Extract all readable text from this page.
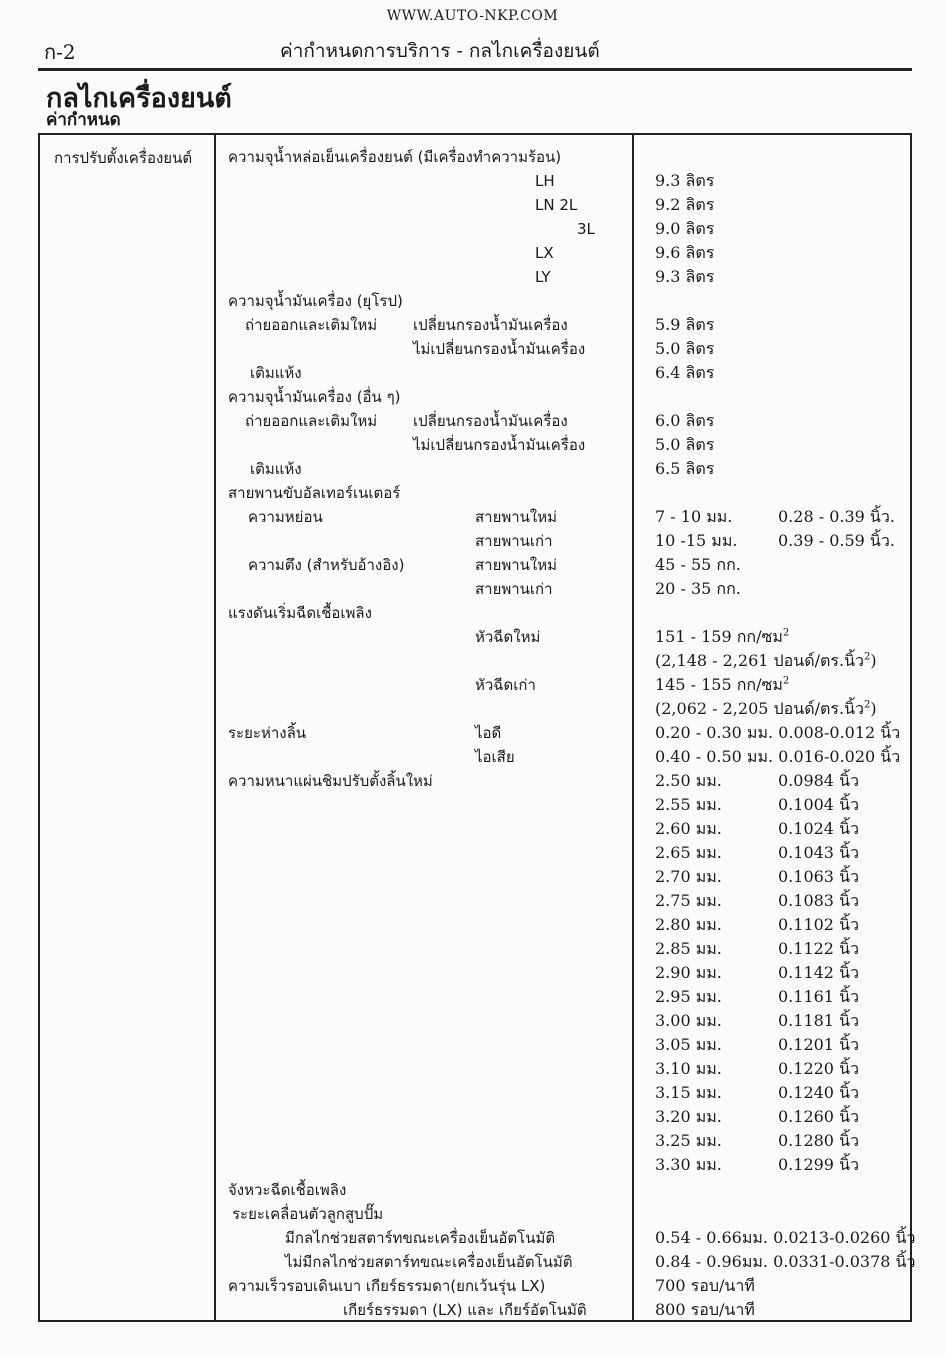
WWW.AUTO-NKP.COM
ก-2	ค่ากำหนดการบริการ - กลไกเครื่องยนต์
กลไกเครื่องยนต์
ค่ากำหนด
การปรับตั้งเครื่องยนต์ ความจุน้ำหล่อเย็นเครื่องยนต์ (มีเครื่องทำความร้อน)
LH	9.3 ลิตร
LN 2L	9.2 ลิตร
3L	9.0 ลิตร
LX	9.6 ลิตร
LY	9.3 ลิตร
ความจุน้ำมันเครื่อง (ยุโรป)
ถ่ายออกและเติมใหม่ เปลี่ยนกรองน้ำมันเครื่อง	5.9 ลิตร
ไม่เปลี่ยนกรองน้ำมันเครื่อง	5.0 ลิตร
เติมแห้ง	6.4 ลิตร
ความจุน้ำมันเครื่อง (อื่น ๆ)
ถ่ายออกและเติมใหม่ เปลี่ยนกรองน้ำมันเครื่อง	6.0 ลิตร
ไม่เปลี่ยนกรองน้ำมันเครื่อง	5.0 ลิตร
เติมแห้ง	6.5 ลิตร
สายพานขับอัลเทอร์เนเตอร์
ความหย่อน	สายพานใหม่	7 - 10 มม.	0.28 - 0.39 นิ้ว.
สายพานเก่า	10 -15 มม.	0.39 - 0.59 นิ้ว.
ความตึง (สำหรับอ้างอิง)	สายพานใหม่	45 - 55 กก.
สายพานเก่า	20 - 35 กก.
แรงดันเริ่มฉีดเชื้อเพลิง
หัวฉีดใหม่	151 - 159 กก/ซม$^2$
(2,148 - 2,261 ปอนด์/ตร.นิ้ว$^2$)
หัวฉีดเก่า	145 - 155 กก/ซม$^2$
(2,062 - 2,205 ปอนด์/ตร.นิ้ว$^2$)
ระยะห่างลิ้น	ไอดี	0.20 - 0.30 มม. 0.008-0.012 นิ้ว
ไอเสีย	0.40 - 0.50 มม. 0.016-0.020 นิ้ว
ความหนาแผ่นชิมปรับตั้งลิ้นใหม่	2.50 มม.	0.0984 นิ้ว
2.55 มม.	0.1004 นิ้ว
2.60 มม.	0.1024 นิ้ว
2.65 มม.	0.1043 นิ้ว
2.70 มม.	0.1063 นิ้ว
2.75 มม.	0.1083 นิ้ว
2.80 มม.	0.1102 นิ้ว
2.85 มม.	0.1122 นิ้ว
2.90 มม.	0.1142 นิ้ว
2.95 มม.	0.1161 นิ้ว
3.00 มม.	0.1181 นิ้ว
3.05 มม.	0.1201 นิ้ว
3.10 มม.	0.1220 นิ้ว
3.15 มม.	0.1240 นิ้ว
3.20 มม.	0.1260 นิ้ว
3.25 มม.	0.1280 นิ้ว
3.30 มม.	0.1299 นิ้ว
จังหวะฉีดเชื้อเพลิง
ระยะเคลื่อนตัวลูกสูบปั๊ม
มีกลไกช่วยสตาร์ทขณะเครื่องเย็นอัตโนมัติ	0.54 - 0.66มม. 0.0213-0.0260 นิ้ว
ไม่มีกลไกช่วยสตาร์ทขณะเครื่องเย็นอัตโนมัติ	0.84 - 0.96มม. 0.0331-0.0378 นิ้ว
ความเร็วรอบเดินเบา เกียร์ธรรมดา(ยกเว้นรุ่น LX)	700 รอบ/นาที
เกียร์ธรรมดา (LX) และ เกียร์อัตโนมัติ	800 รอบ/นาที
